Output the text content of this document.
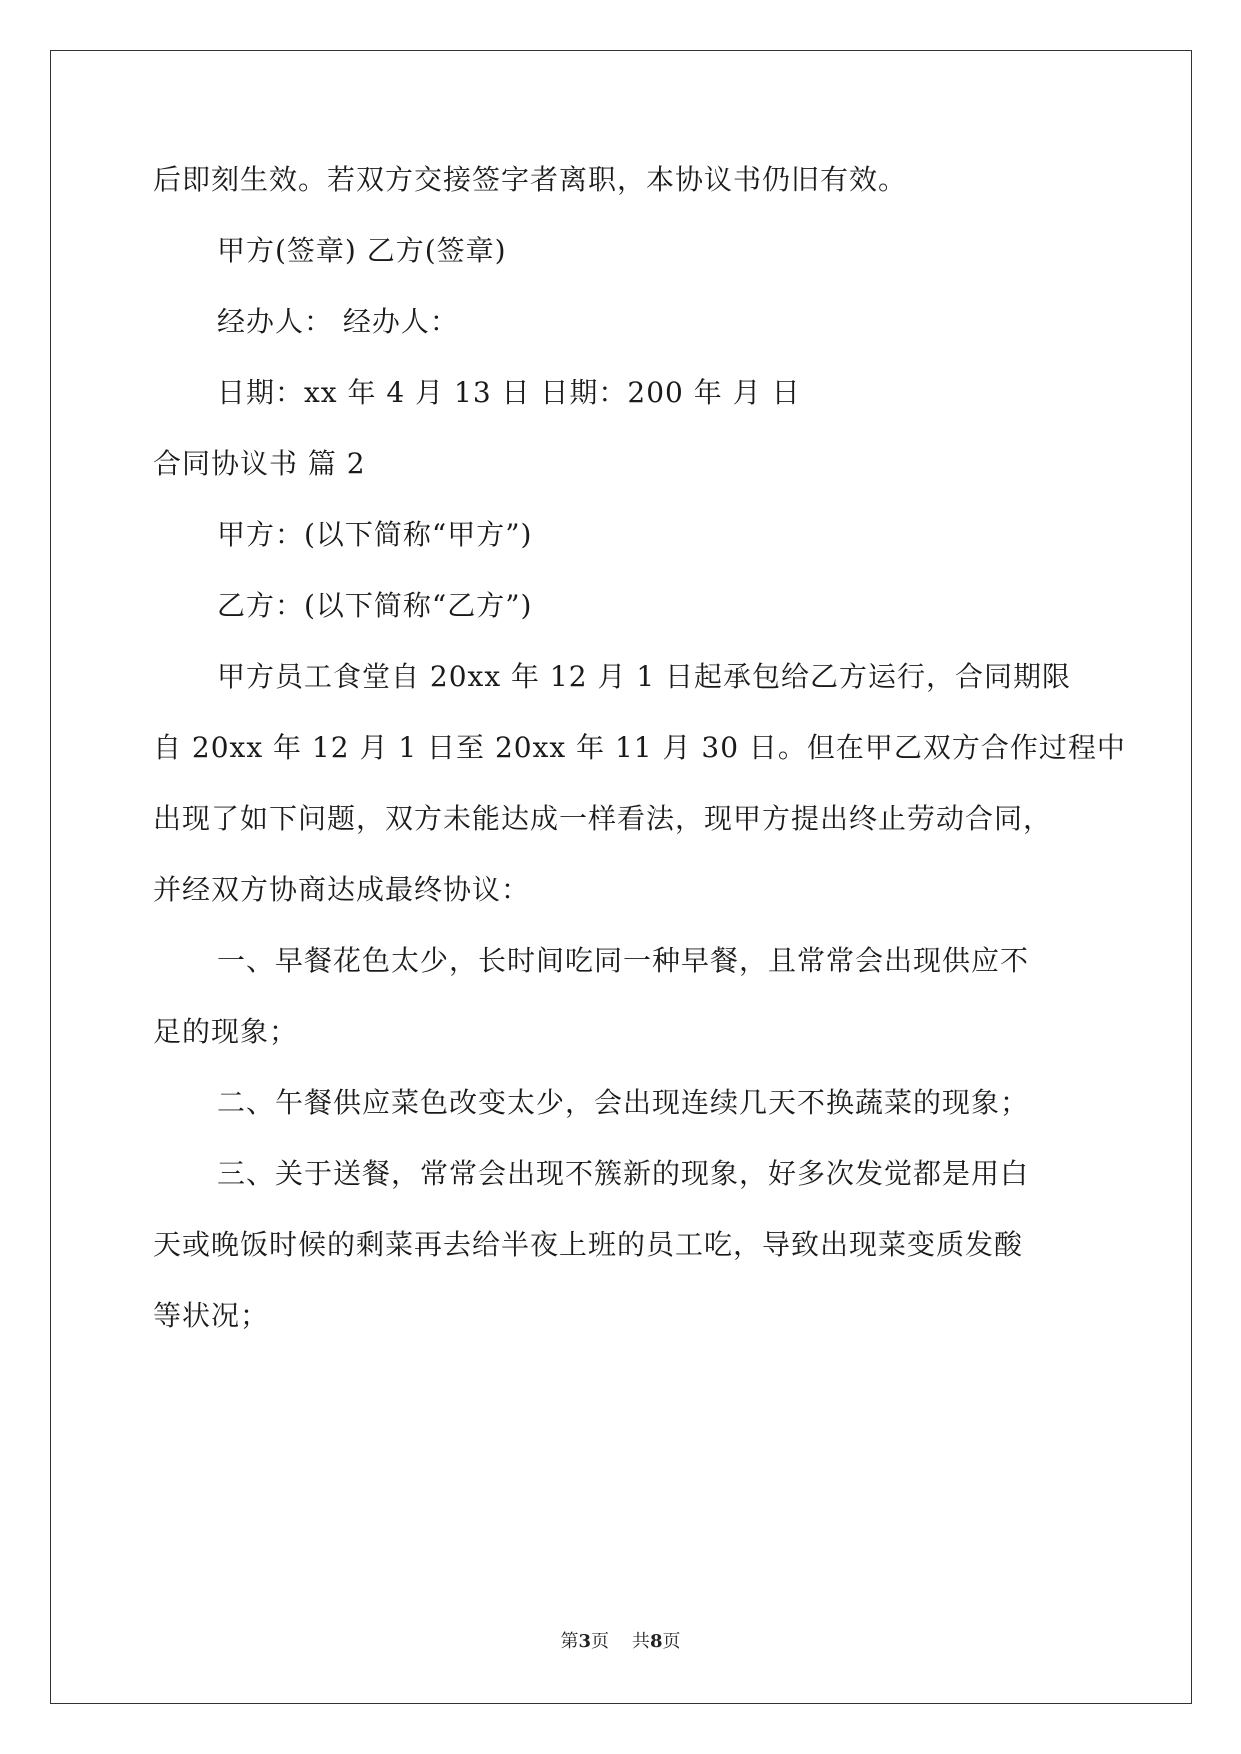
后即刻生效。若双方交接签字者离职，本协议书仍旧有效。
甲方(签章) 乙方(签章)
经办人： 经办人：
日期：xx 年 4 月 13 日 日期：200 年 月 日
合同协议书 篇 2
甲方：(以下简称“甲方”)
乙方：(以下简称“乙方”)
甲方员工食堂自 20xx 年 12 月 1 日起承包给乙方运行，合同期限
自 20xx 年 12 月 1 日至 20xx 年 11 月 30 日。但在甲乙双方合作过程中
出现了如下问题，双方未能达成一样看法，现甲方提出终止劳动合同，
并经双方协商达成最终协议：
一、早餐花色太少，长时间吃同一种早餐，且常常会出现供应不
足的现象；
二、午餐供应菜色改变太少，会出现连续几天不换蔬菜的现象；
三、关于送餐，常常会出现不簇新的现象，好多次发觉都是用白
天或晚饭时候的剩菜再去给半夜上班的员工吃，导致出现菜变质发酸
等状况；
第3页    共8页
